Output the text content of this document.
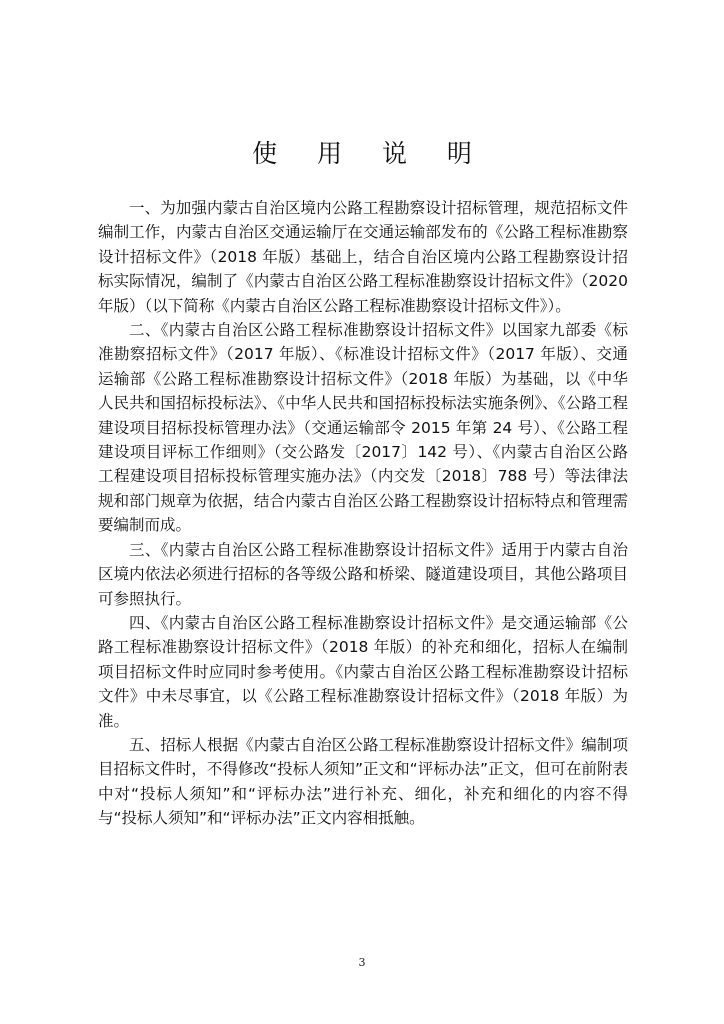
使 用 说 明

一、为加强内蒙古自治区境内公路工程勘察设计招标管理，规范招标文件编制工作，内蒙古自治区交通运输厅在交通运输部发布的《公路工程标准勘察设计招标文件》（2018 年版）基础上，结合自治区境内公路工程勘察设计招标实际情况，编制了《内蒙古自治区公路工程标准勘察设计招标文件》（2020 年版）（以下简称《内蒙古自治区公路工程标准勘察设计招标文件》）。

二、《内蒙古自治区公路工程标准勘察设计招标文件》以国家九部委《标准勘察招标文件》（2017 年版）、《标准设计招标文件》（2017 年版）、交通运输部《公路工程标准勘察设计招标文件》（2018 年版）为基础，以《中华人民共和国招标投标法》、《中华人民共和国招标投标法实施条例》、《公路工程建设项目招标投标管理办法》（交通运输部令 2015 年第 24 号）、《公路工程建设项目评标工作细则》（交公路发〔2017〕142 号）、《内蒙古自治区公路工程建设项目招标投标管理实施办法》（内交发〔2018〕788 号）等法律法规和部门规章为依据，结合内蒙古自治区公路工程勘察设计招标特点和管理需要编制而成。

三、《内蒙古自治区公路工程标准勘察设计招标文件》适用于内蒙古自治区境内依法必须进行招标的各等级公路和桥梁、隧道建设项目，其他公路项目可参照执行。

四、《内蒙古自治区公路工程标准勘察设计招标文件》是交通运输部《公路工程标准勘察设计招标文件》（2018 年版）的补充和细化，招标人在编制项目招标文件时应同时参考使用。《内蒙古自治区公路工程标准勘察设计招标文件》中未尽事宜，以《公路工程标准勘察设计招标文件》（2018 年版）为准。

五、招标人根据《内蒙古自治区公路工程标准勘察设计招标文件》编制项目招标文件时，不得修改“投标人须知”正文和“评标办法”正文，但可在前附表中对“投标人须知”和“评标办法”进行补充、细化，补充和细化的内容不得与“投标人须知”和“评标办法”正文内容相抵触。

3
